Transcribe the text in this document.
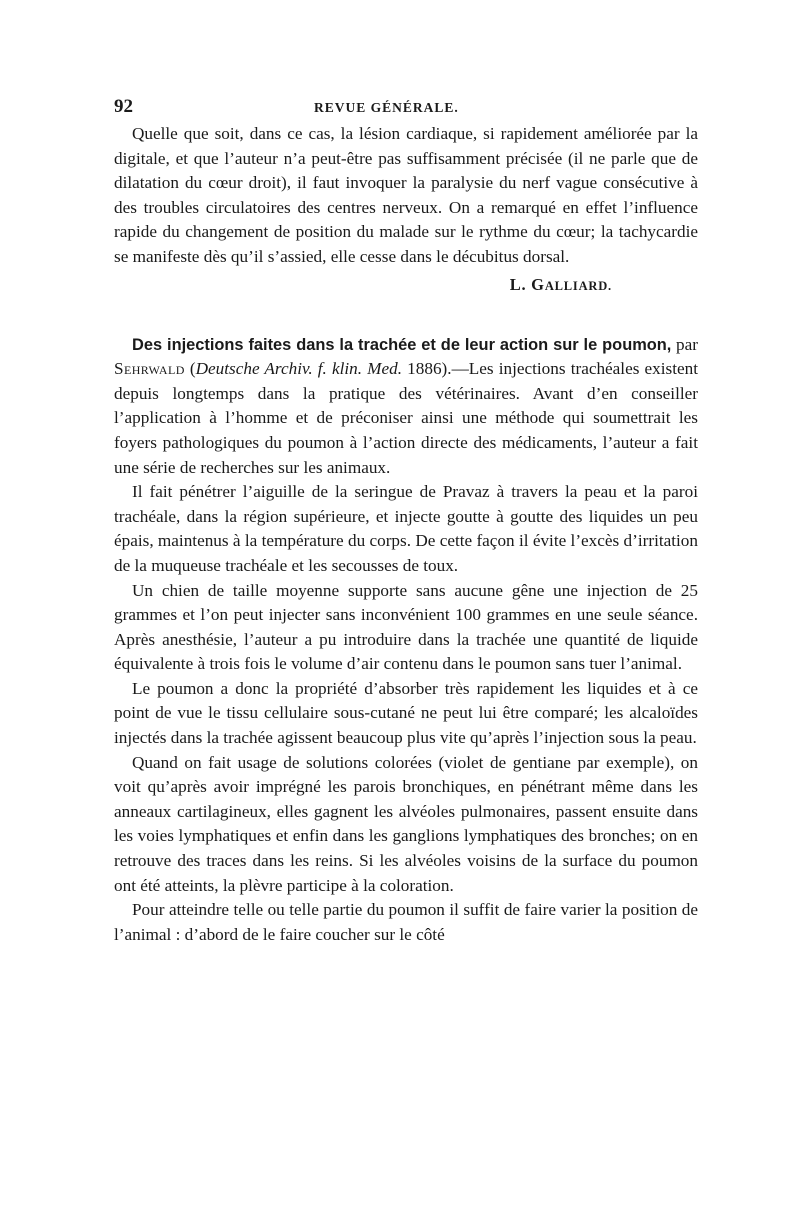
92	REVUE GÉNÉRALE.

Quelle que soit, dans ce cas, la lésion cardiaque, si rapidement améliorée par la digitale, et que l’auteur n’a peut-être pas suffisamment précisée (il ne parle que de dilatation du cœur droit), il faut invoquer la paralysie du nerf vague consécutive à des troubles circulatoires des centres nerveux. On a remarqué en effet l’influence rapide du changement de position du malade sur le rythme du cœur; la tachycardie se manifeste dès qu’il s’assied, elle cesse dans le décubitus dorsal.

L. GALLIARD.

Des injections faites dans la trachée et de leur action sur le poumon, par Sehrwald (Deutsche Archiv. f. klin. Med. 1886).—Les injections trachéales existent depuis longtemps dans la pratique des vétérinaires. Avant d’en conseiller l’application à l’homme et de préconiser ainsi une méthode qui soumettrait les foyers pathologiques du poumon à l’action directe des médicaments, l’auteur a fait une série de recherches sur les animaux.

Il fait pénétrer l’aiguille de la seringue de Pravaz à travers la peau et la paroi trachéale, dans la région supérieure, et injecte goutte à goutte des liquides un peu épais, maintenus à la température du corps. De cette façon il évite l’excès d’irritation de la muqueuse trachéale et les secousses de toux.

Un chien de taille moyenne supporte sans aucune gêne une injection de 25 grammes et l’on peut injecter sans inconvénient 100 grammes en une seule séance. Après anesthésie, l’auteur a pu introduire dans la trachée une quantité de liquide équivalente à trois fois le volume d’air contenu dans le poumon sans tuer l’animal.

Le poumon a donc la propriété d’absorber très rapidement les liquides et à ce point de vue le tissu cellulaire sous-cutané ne peut lui être comparé; les alcaloïdes injectés dans la trachée agissent beaucoup plus vite qu’après l’injection sous la peau.

Quand on fait usage de solutions colorées (violet de gentiane par exemple), on voit qu’après avoir imprégné les parois bronchiques, en pénétrant même dans les anneaux cartilagineux, elles gagnent les alvéoles pulmonaires, passent ensuite dans les voies lymphatiques et enfin dans les ganglions lymphatiques des bronches; on en retrouve des traces dans les reins. Si les alvéoles voisins de la surface du poumon ont été atteints, la plèvre participe à la coloration.

Pour atteindre telle ou telle partie du poumon il suffit de faire varier la position de l’animal : d’abord de le faire coucher sur le côté
